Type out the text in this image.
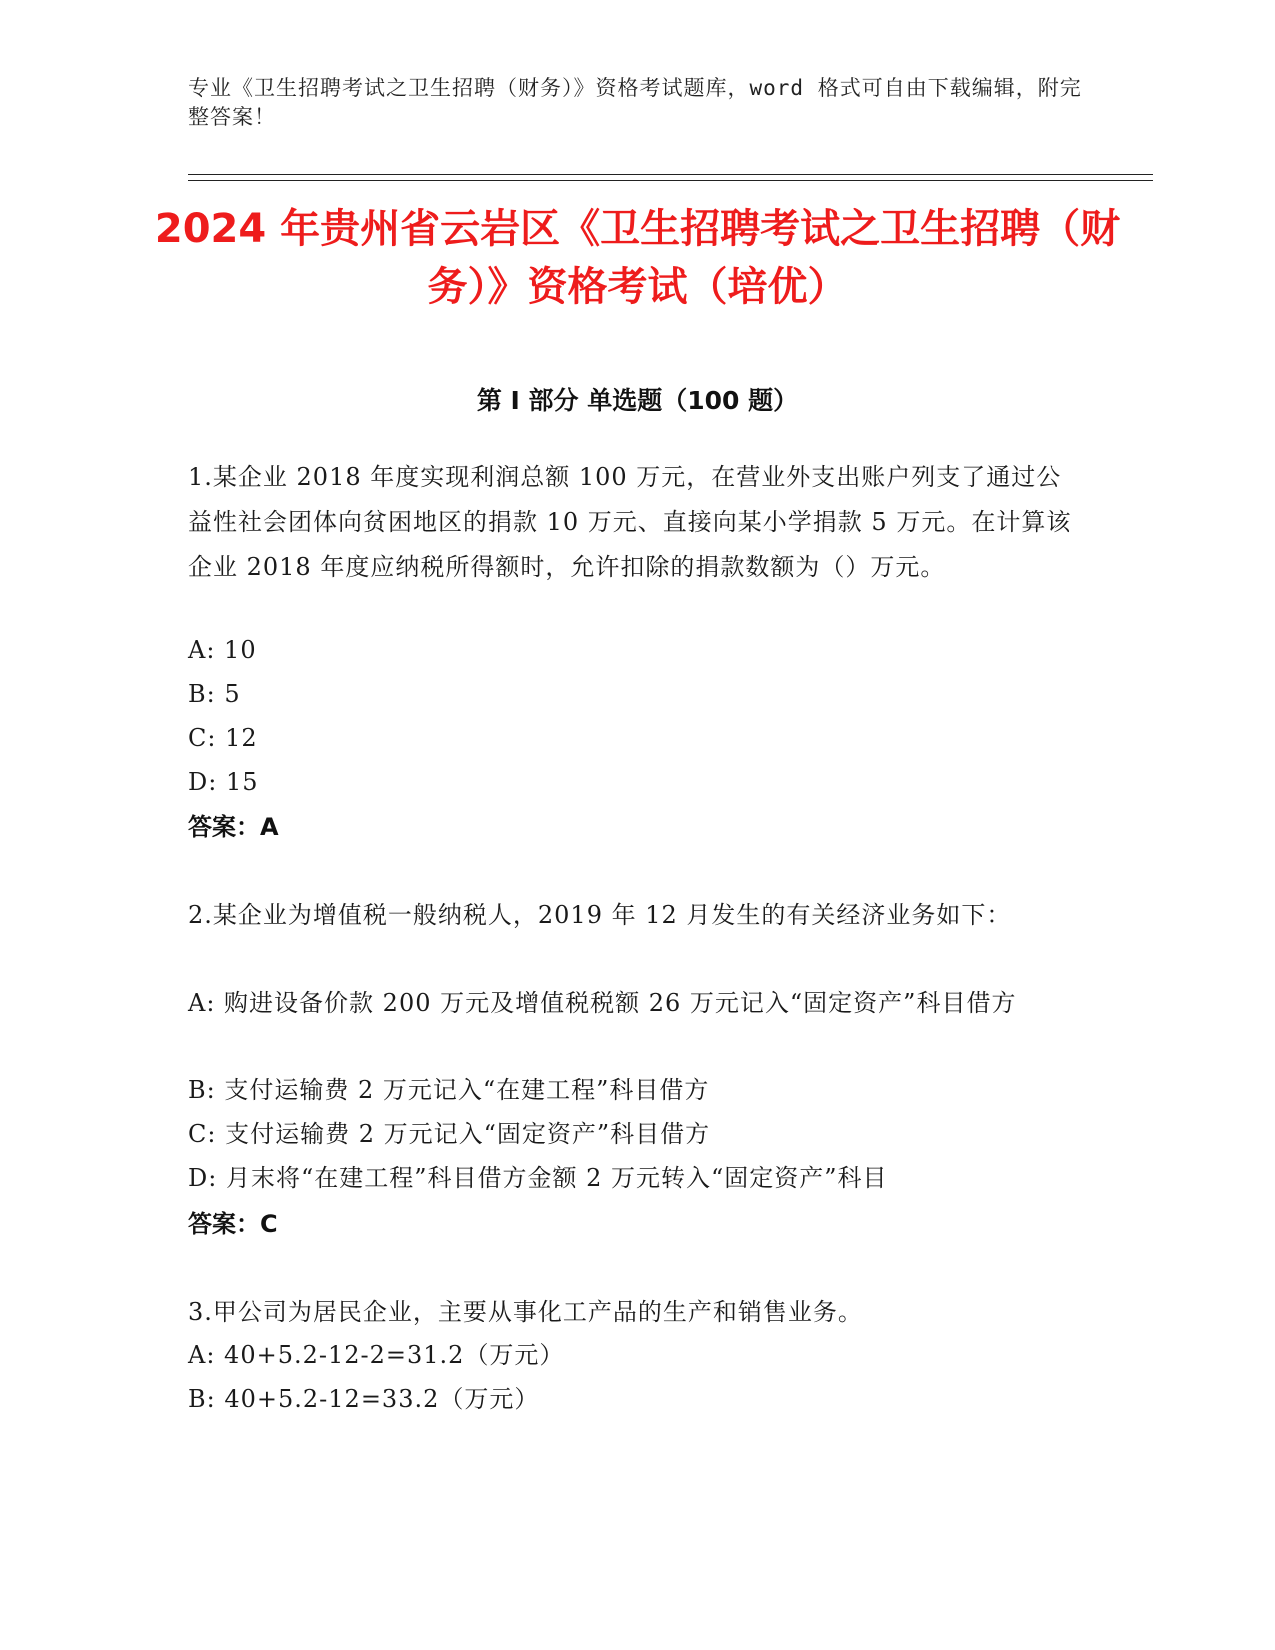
专业《卫生招聘考试之卫生招聘（财务）》资格考试题库，word 格式可自由下载编辑，附完整答案！
2024 年贵州省云岩区《卫生招聘考试之卫生招聘（财务）》资格考试（培优）
第 I 部分 单选题（100 题）
1.某企业 2018 年度实现利润总额 100 万元，在营业外支出账户列支了通过公益性社会团体向贫困地区的捐款 10 万元、直接向某小学捐款 5 万元。在计算该企业 2018 年度应纳税所得额时，允许扣除的捐款数额为（）万元。
A: 10
B: 5
C: 12
D: 15
答案：A
2.某企业为增值税一般纳税人，2019 年 12 月发生的有关经济业务如下：
A: 购进设备价款 200 万元及增值税税额 26 万元记入“固定资产”科目借方
B: 支付运输费 2 万元记入“在建工程”科目借方
C: 支付运输费 2 万元记入“固定资产”科目借方
D: 月末将“在建工程”科目借方金额 2 万元转入“固定资产”科目
答案：C
3.甲公司为居民企业，主要从事化工产品的生产和销售业务。
A: 40+5.2-12-2=31.2（万元）
B: 40+5.2-12=33.2（万元）
